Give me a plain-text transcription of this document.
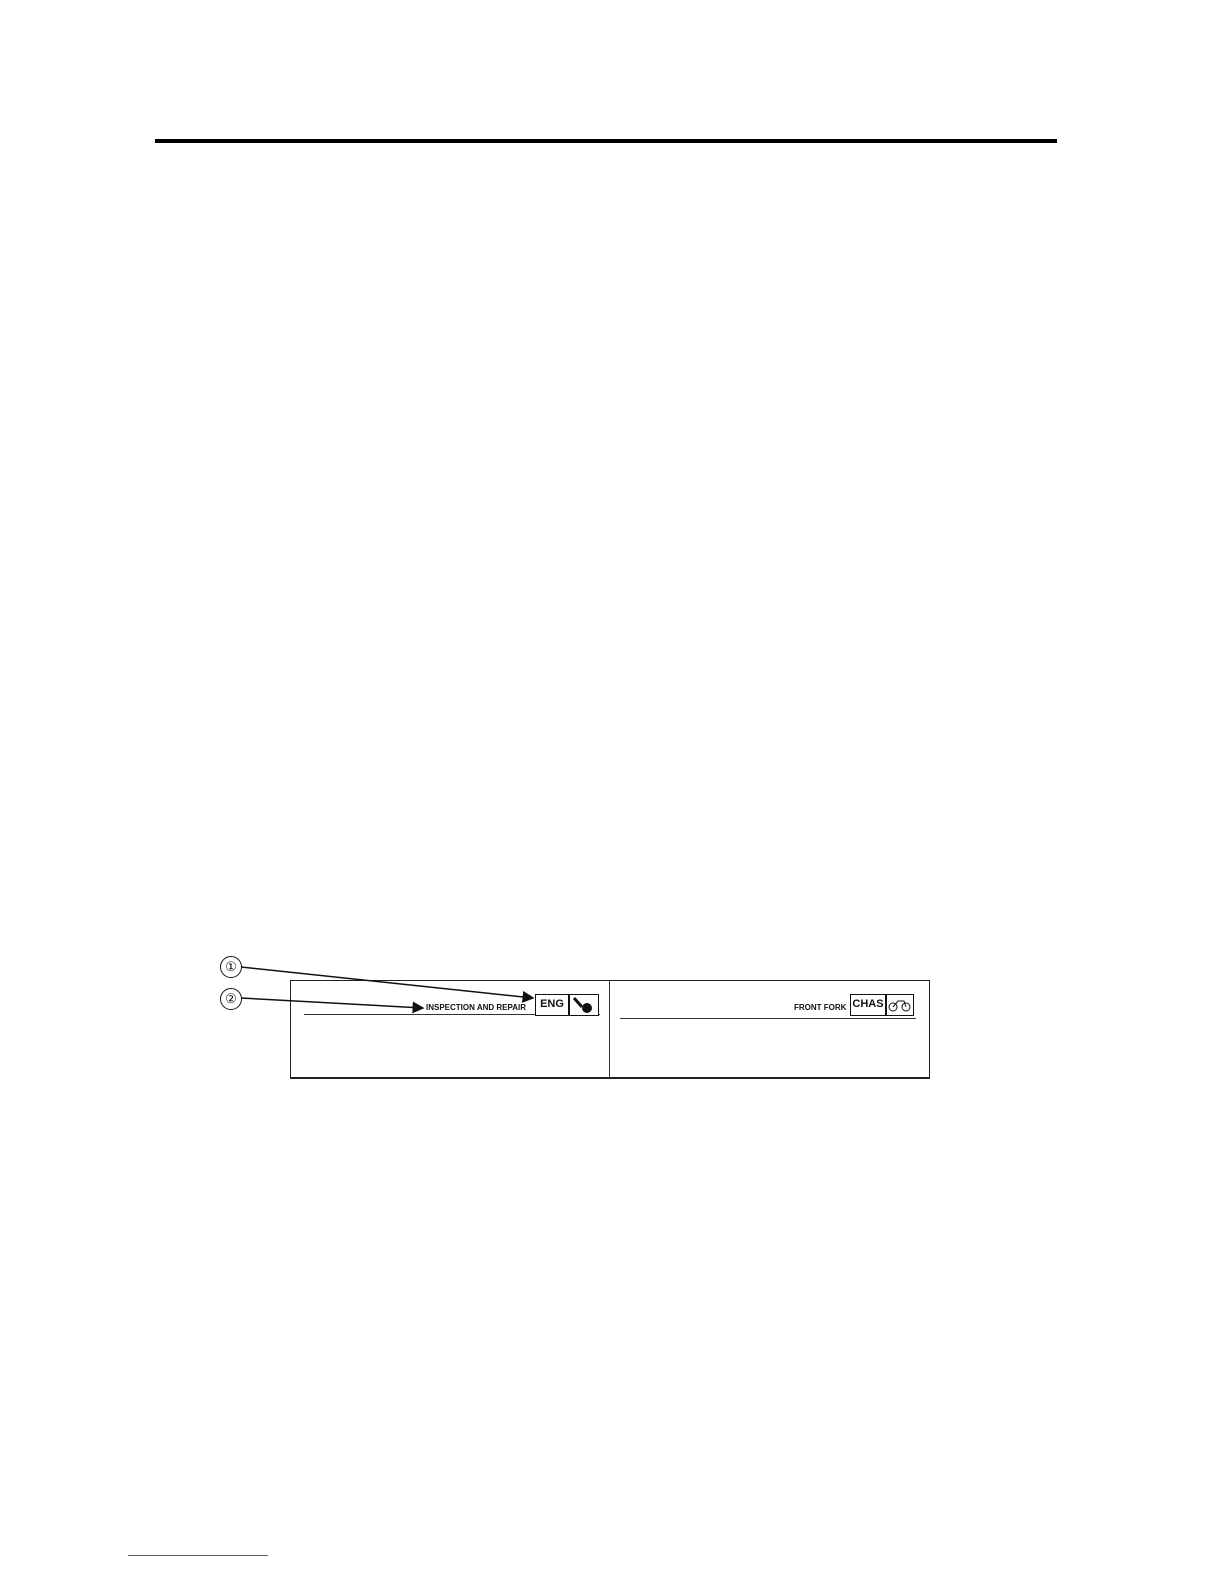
INSPECTION AND REPAIR	ENG	FRONT FORK CHAS
①
②
